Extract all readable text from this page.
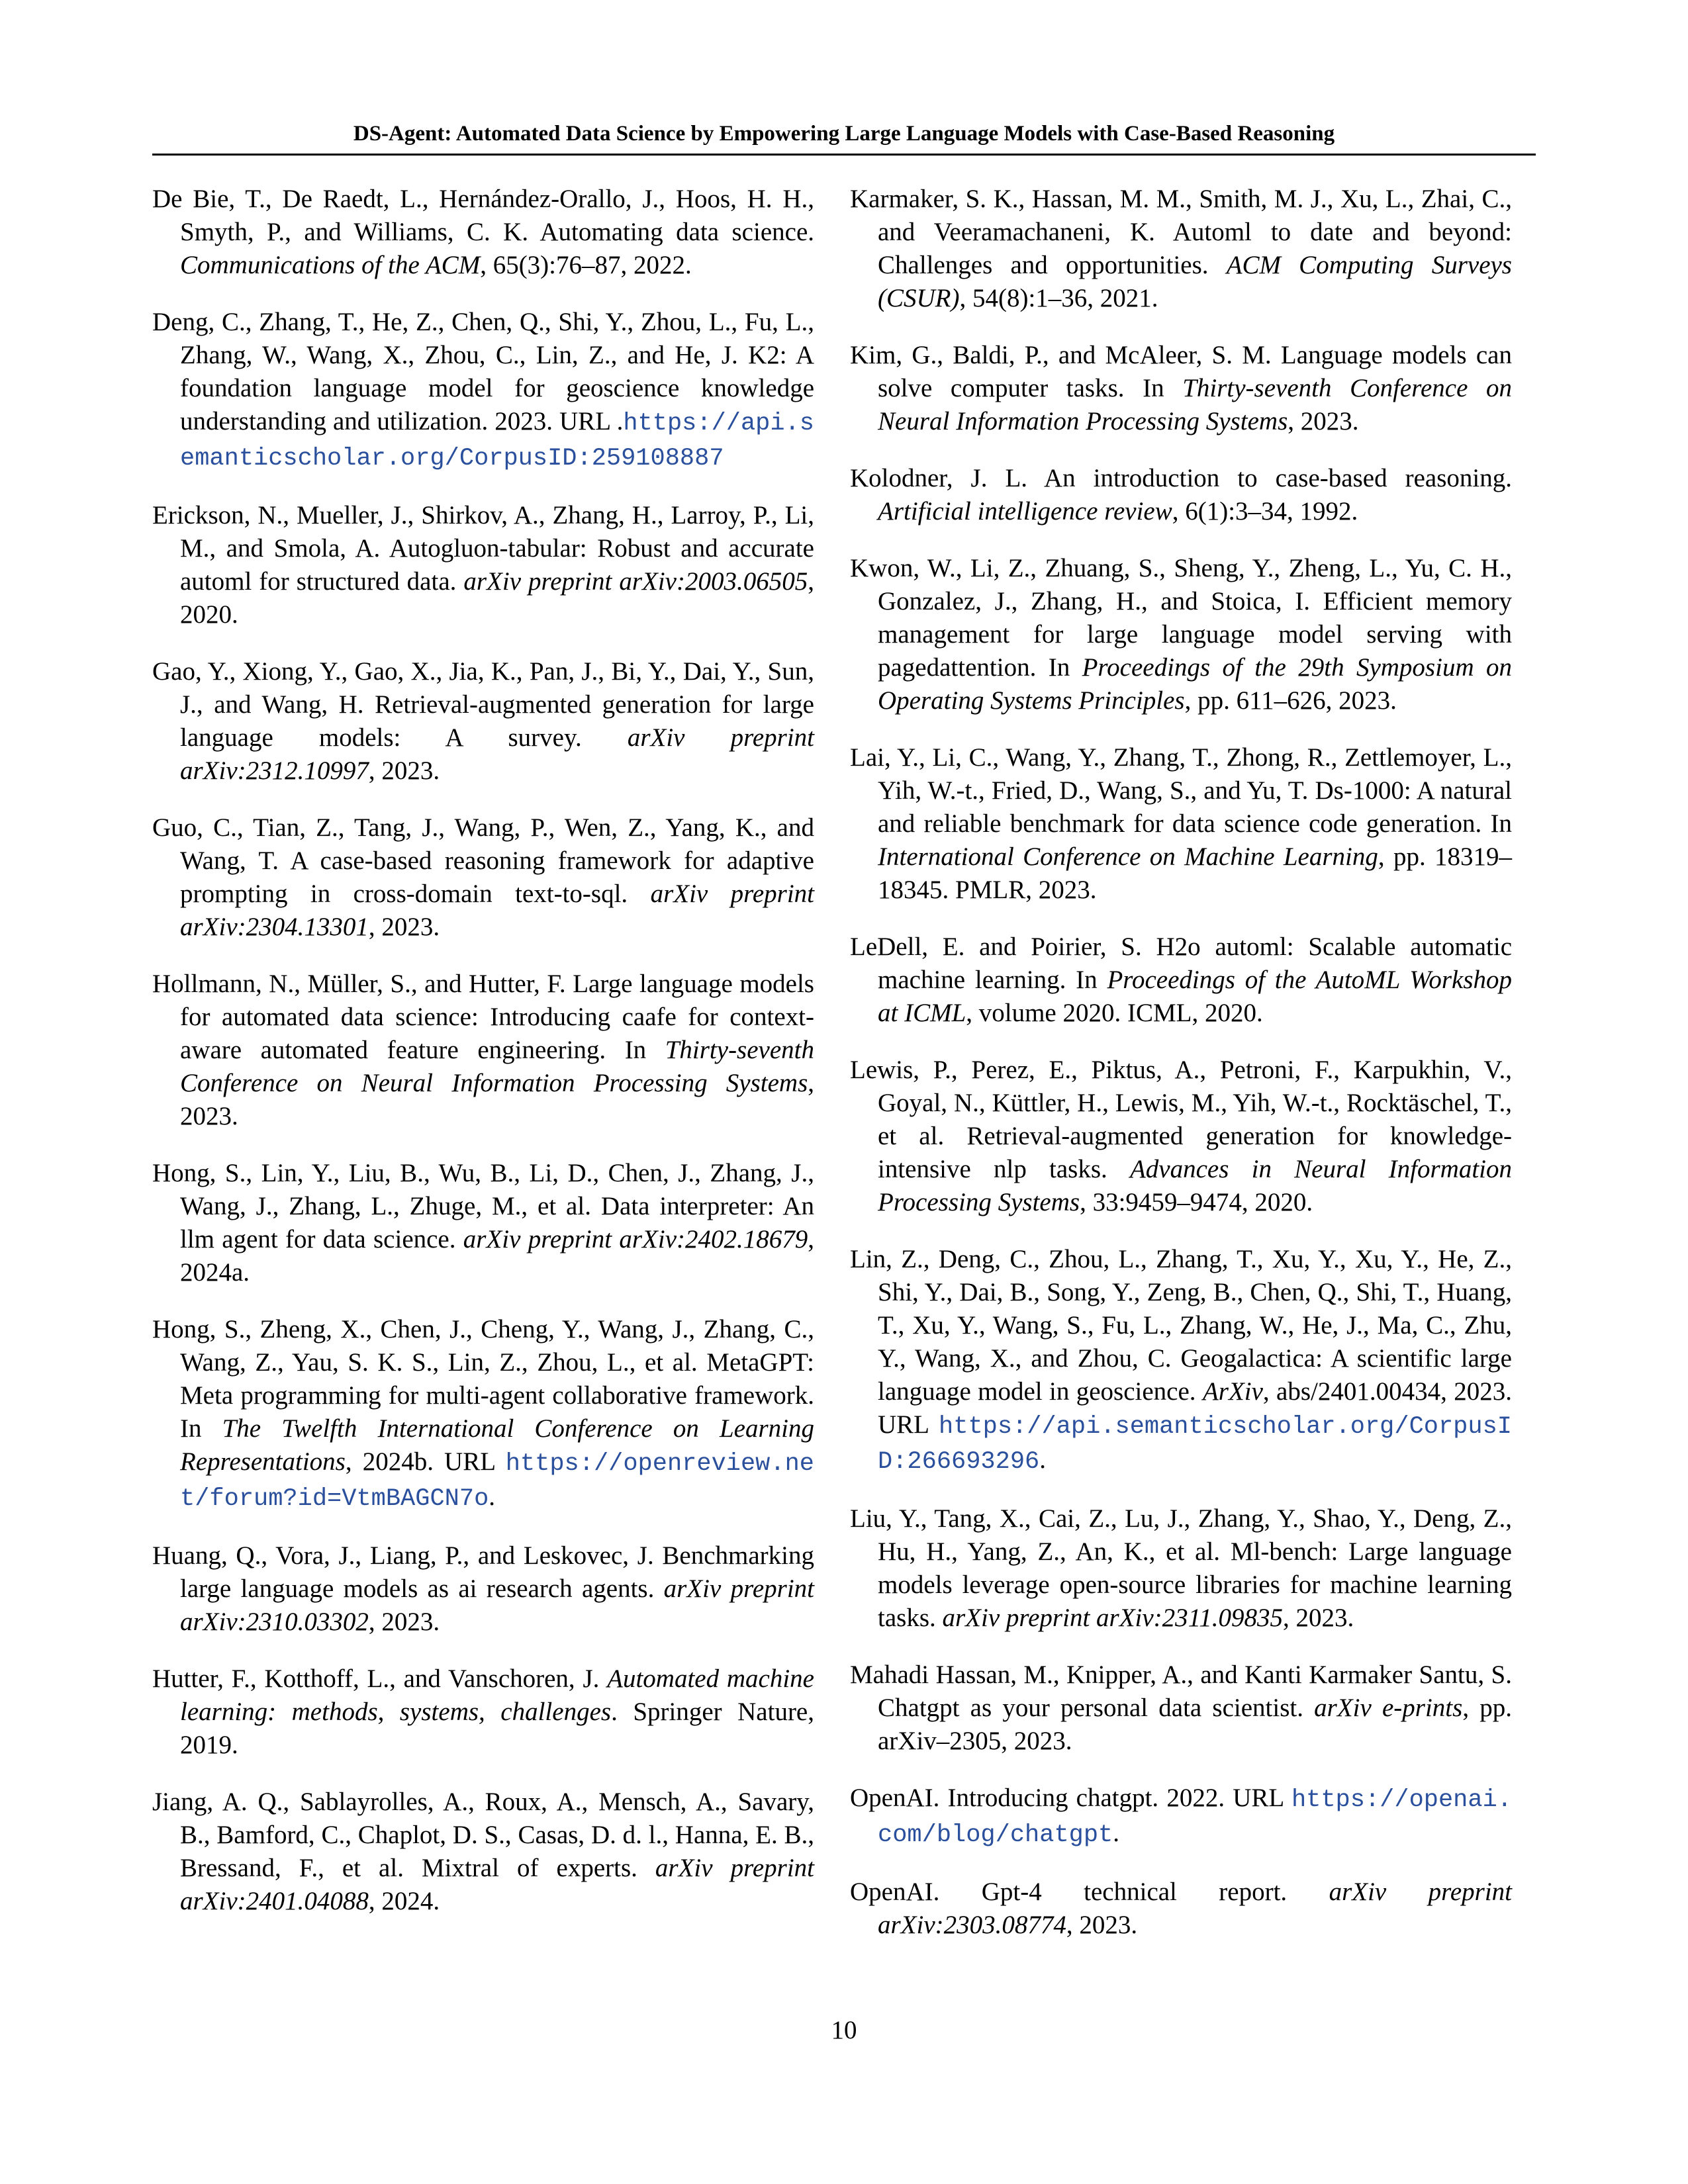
DS-Agent: Automated Data Science by Empowering Large Language Models with Case-Based Reasoning

De Bie, T., De Raedt, L., Hernández-Orallo, J., Hoos, H. H., Smyth, P., and Williams, C. K. Automating data science. Communications of the ACM, 65(3):76–87, 2022.

Deng, C., Zhang, T., He, Z., Chen, Q., Shi, Y., Zhou, L., Fu, L., Zhang, W., Wang, X., Zhou, C., Lin, Z., and He, J. K2: A foundation language model for geoscience knowledge understanding and utilization. 2023. URL .https://api.semanticscholar.org/CorpusID:259108887

Erickson, N., Mueller, J., Shirkov, A., Zhang, H., Larroy, P., Li, M., and Smola, A. Autogluon-tabular: Robust and accurate automl for structured data. arXiv preprint arXiv:2003.06505, 2020.

Gao, Y., Xiong, Y., Gao, X., Jia, K., Pan, J., Bi, Y., Dai, Y., Sun, J., and Wang, H. Retrieval-augmented generation for large language models: A survey. arXiv preprint arXiv:2312.10997, 2023.

Guo, C., Tian, Z., Tang, J., Wang, P., Wen, Z., Yang, K., and Wang, T. A case-based reasoning framework for adaptive prompting in cross-domain text-to-sql. arXiv preprint arXiv:2304.13301, 2023.

Hollmann, N., Müller, S., and Hutter, F. Large language models for automated data science: Introducing caafe for context-aware automated feature engineering. In Thirty-seventh Conference on Neural Information Processing Systems, 2023.

Hong, S., Lin, Y., Liu, B., Wu, B., Li, D., Chen, J., Zhang, J., Wang, J., Zhang, L., Zhuge, M., et al. Data interpreter: An llm agent for data science. arXiv preprint arXiv:2402.18679, 2024a.

Hong, S., Zheng, X., Chen, J., Cheng, Y., Wang, J., Zhang, C., Wang, Z., Yau, S. K. S., Lin, Z., Zhou, L., et al. MetaGPT: Meta programming for multi-agent collaborative framework. In The Twelfth International Conference on Learning Representations, 2024b. URL https://openreview.net/forum?id=VtmBAGCN7o.

Huang, Q., Vora, J., Liang, P., and Leskovec, J. Benchmarking large language models as ai research agents. arXiv preprint arXiv:2310.03302, 2023.

Hutter, F., Kotthoff, L., and Vanschoren, J. Automated machine learning: methods, systems, challenges. Springer Nature, 2019.

Jiang, A. Q., Sablayrolles, A., Roux, A., Mensch, A., Savary, B., Bamford, C., Chaplot, D. S., Casas, D. d. l., Hanna, E. B., Bressand, F., et al. Mixtral of experts. arXiv preprint arXiv:2401.04088, 2024.

Karmaker, S. K., Hassan, M. M., Smith, M. J., Xu, L., Zhai, C., and Veeramachaneni, K. Automl to date and beyond: Challenges and opportunities. ACM Computing Surveys (CSUR), 54(8):1–36, 2021.

Kim, G., Baldi, P., and McAleer, S. M. Language models can solve computer tasks. In Thirty-seventh Conference on Neural Information Processing Systems, 2023.

Kolodner, J. L. An introduction to case-based reasoning. Artificial intelligence review, 6(1):3–34, 1992.

Kwon, W., Li, Z., Zhuang, S., Sheng, Y., Zheng, L., Yu, C. H., Gonzalez, J., Zhang, H., and Stoica, I. Efficient memory management for large language model serving with pagedattention. In Proceedings of the 29th Symposium on Operating Systems Principles, pp. 611–626, 2023.

Lai, Y., Li, C., Wang, Y., Zhang, T., Zhong, R., Zettlemoyer, L., Yih, W.-t., Fried, D., Wang, S., and Yu, T. Ds-1000: A natural and reliable benchmark for data science code generation. In International Conference on Machine Learning, pp. 18319–18345. PMLR, 2023.

LeDell, E. and Poirier, S. H2o automl: Scalable automatic machine learning. In Proceedings of the AutoML Workshop at ICML, volume 2020. ICML, 2020.

Lewis, P., Perez, E., Piktus, A., Petroni, F., Karpukhin, V., Goyal, N., Küttler, H., Lewis, M., Yih, W.-t., Rocktäschel, T., et al. Retrieval-augmented generation for knowledge-intensive nlp tasks. Advances in Neural Information Processing Systems, 33:9459–9474, 2020.

Lin, Z., Deng, C., Zhou, L., Zhang, T., Xu, Y., Xu, Y., He, Z., Shi, Y., Dai, B., Song, Y., Zeng, B., Chen, Q., Shi, T., Huang, T., Xu, Y., Wang, S., Fu, L., Zhang, W., He, J., Ma, C., Zhu, Y., Wang, X., and Zhou, C. Geogalactica: A scientific large language model in geoscience. ArXiv, abs/2401.00434, 2023. URL https://api.semanticscholar.org/CorpusID:266693296.

Liu, Y., Tang, X., Cai, Z., Lu, J., Zhang, Y., Shao, Y., Deng, Z., Hu, H., Yang, Z., An, K., et al. Ml-bench: Large language models leverage open-source libraries for machine learning tasks. arXiv preprint arXiv:2311.09835, 2023.

Mahadi Hassan, M., Knipper, A., and Kanti Karmaker Santu, S. Chatgpt as your personal data scientist. arXiv e-prints, pp. arXiv–2305, 2023.

OpenAI. Introducing chatgpt. 2022. URL https://openai.com/blog/chatgpt.

OpenAI. Gpt-4 technical report. arXiv preprint arXiv:2303.08774, 2023.

10
